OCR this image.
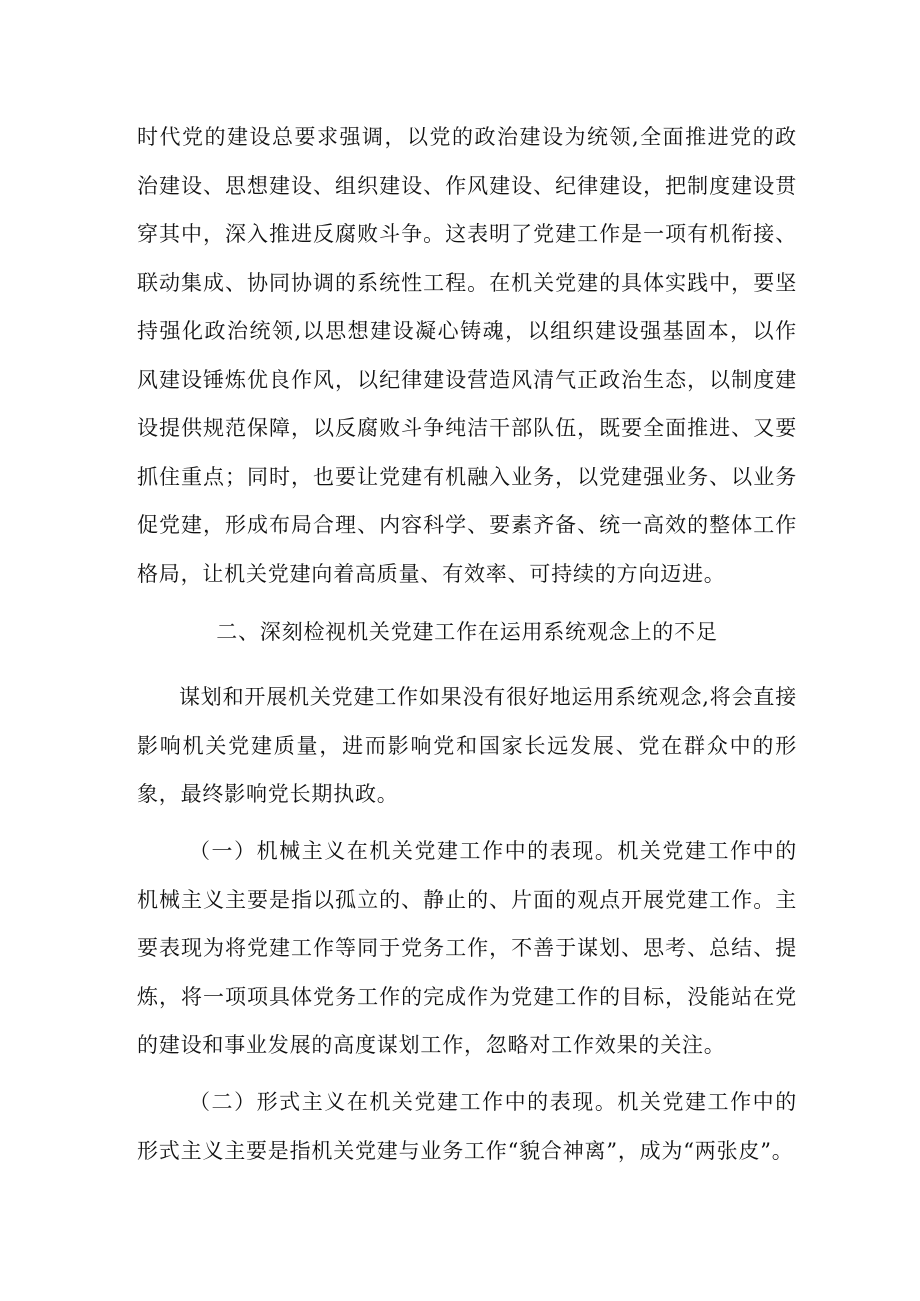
时代党的建设总要求强调，以党的政治建设为统领,全面推进党的政治建设、思想建设、组织建设、作风建设、纪律建设，把制度建设贯穿其中，深入推进反腐败斗争。这表明了党建工作是一项有机衔接、联动集成、协同协调的系统性工程。在机关党建的具体实践中，要坚持强化政治统领,以思想建设凝心铸魂，以组织建设强基固本，以作风建设锤炼优良作风，以纪律建设营造风清气正政治生态，以制度建设提供规范保障，以反腐败斗争纯洁干部队伍，既要全面推进、又要抓住重点；同时，也要让党建有机融入业务，以党建强业务、以业务促党建，形成布局合理、内容科学、要素齐备、统一高效的整体工作格局，让机关党建向着高质量、有效率、可持续的方向迈进。

二、深刻检视机关党建工作在运用系统观念上的不足

谋划和开展机关党建工作如果没有很好地运用系统观念,将会直接影响机关党建质量，进而影响党和国家长远发展、党在群众中的形象，最终影响党长期执政。

（一）机械主义在机关党建工作中的表现。机关党建工作中的机械主义主要是指以孤立的、静止的、片面的观点开展党建工作。主要表现为将党建工作等同于党务工作，不善于谋划、思考、总结、提炼，将一项项具体党务工作的完成作为党建工作的目标，没能站在党的建设和事业发展的高度谋划工作，忽略对工作效果的关注。

（二）形式主义在机关党建工作中的表现。机关党建工作中的形式主义主要是指机关党建与业务工作“貌合神离”，成为“两张皮”。
